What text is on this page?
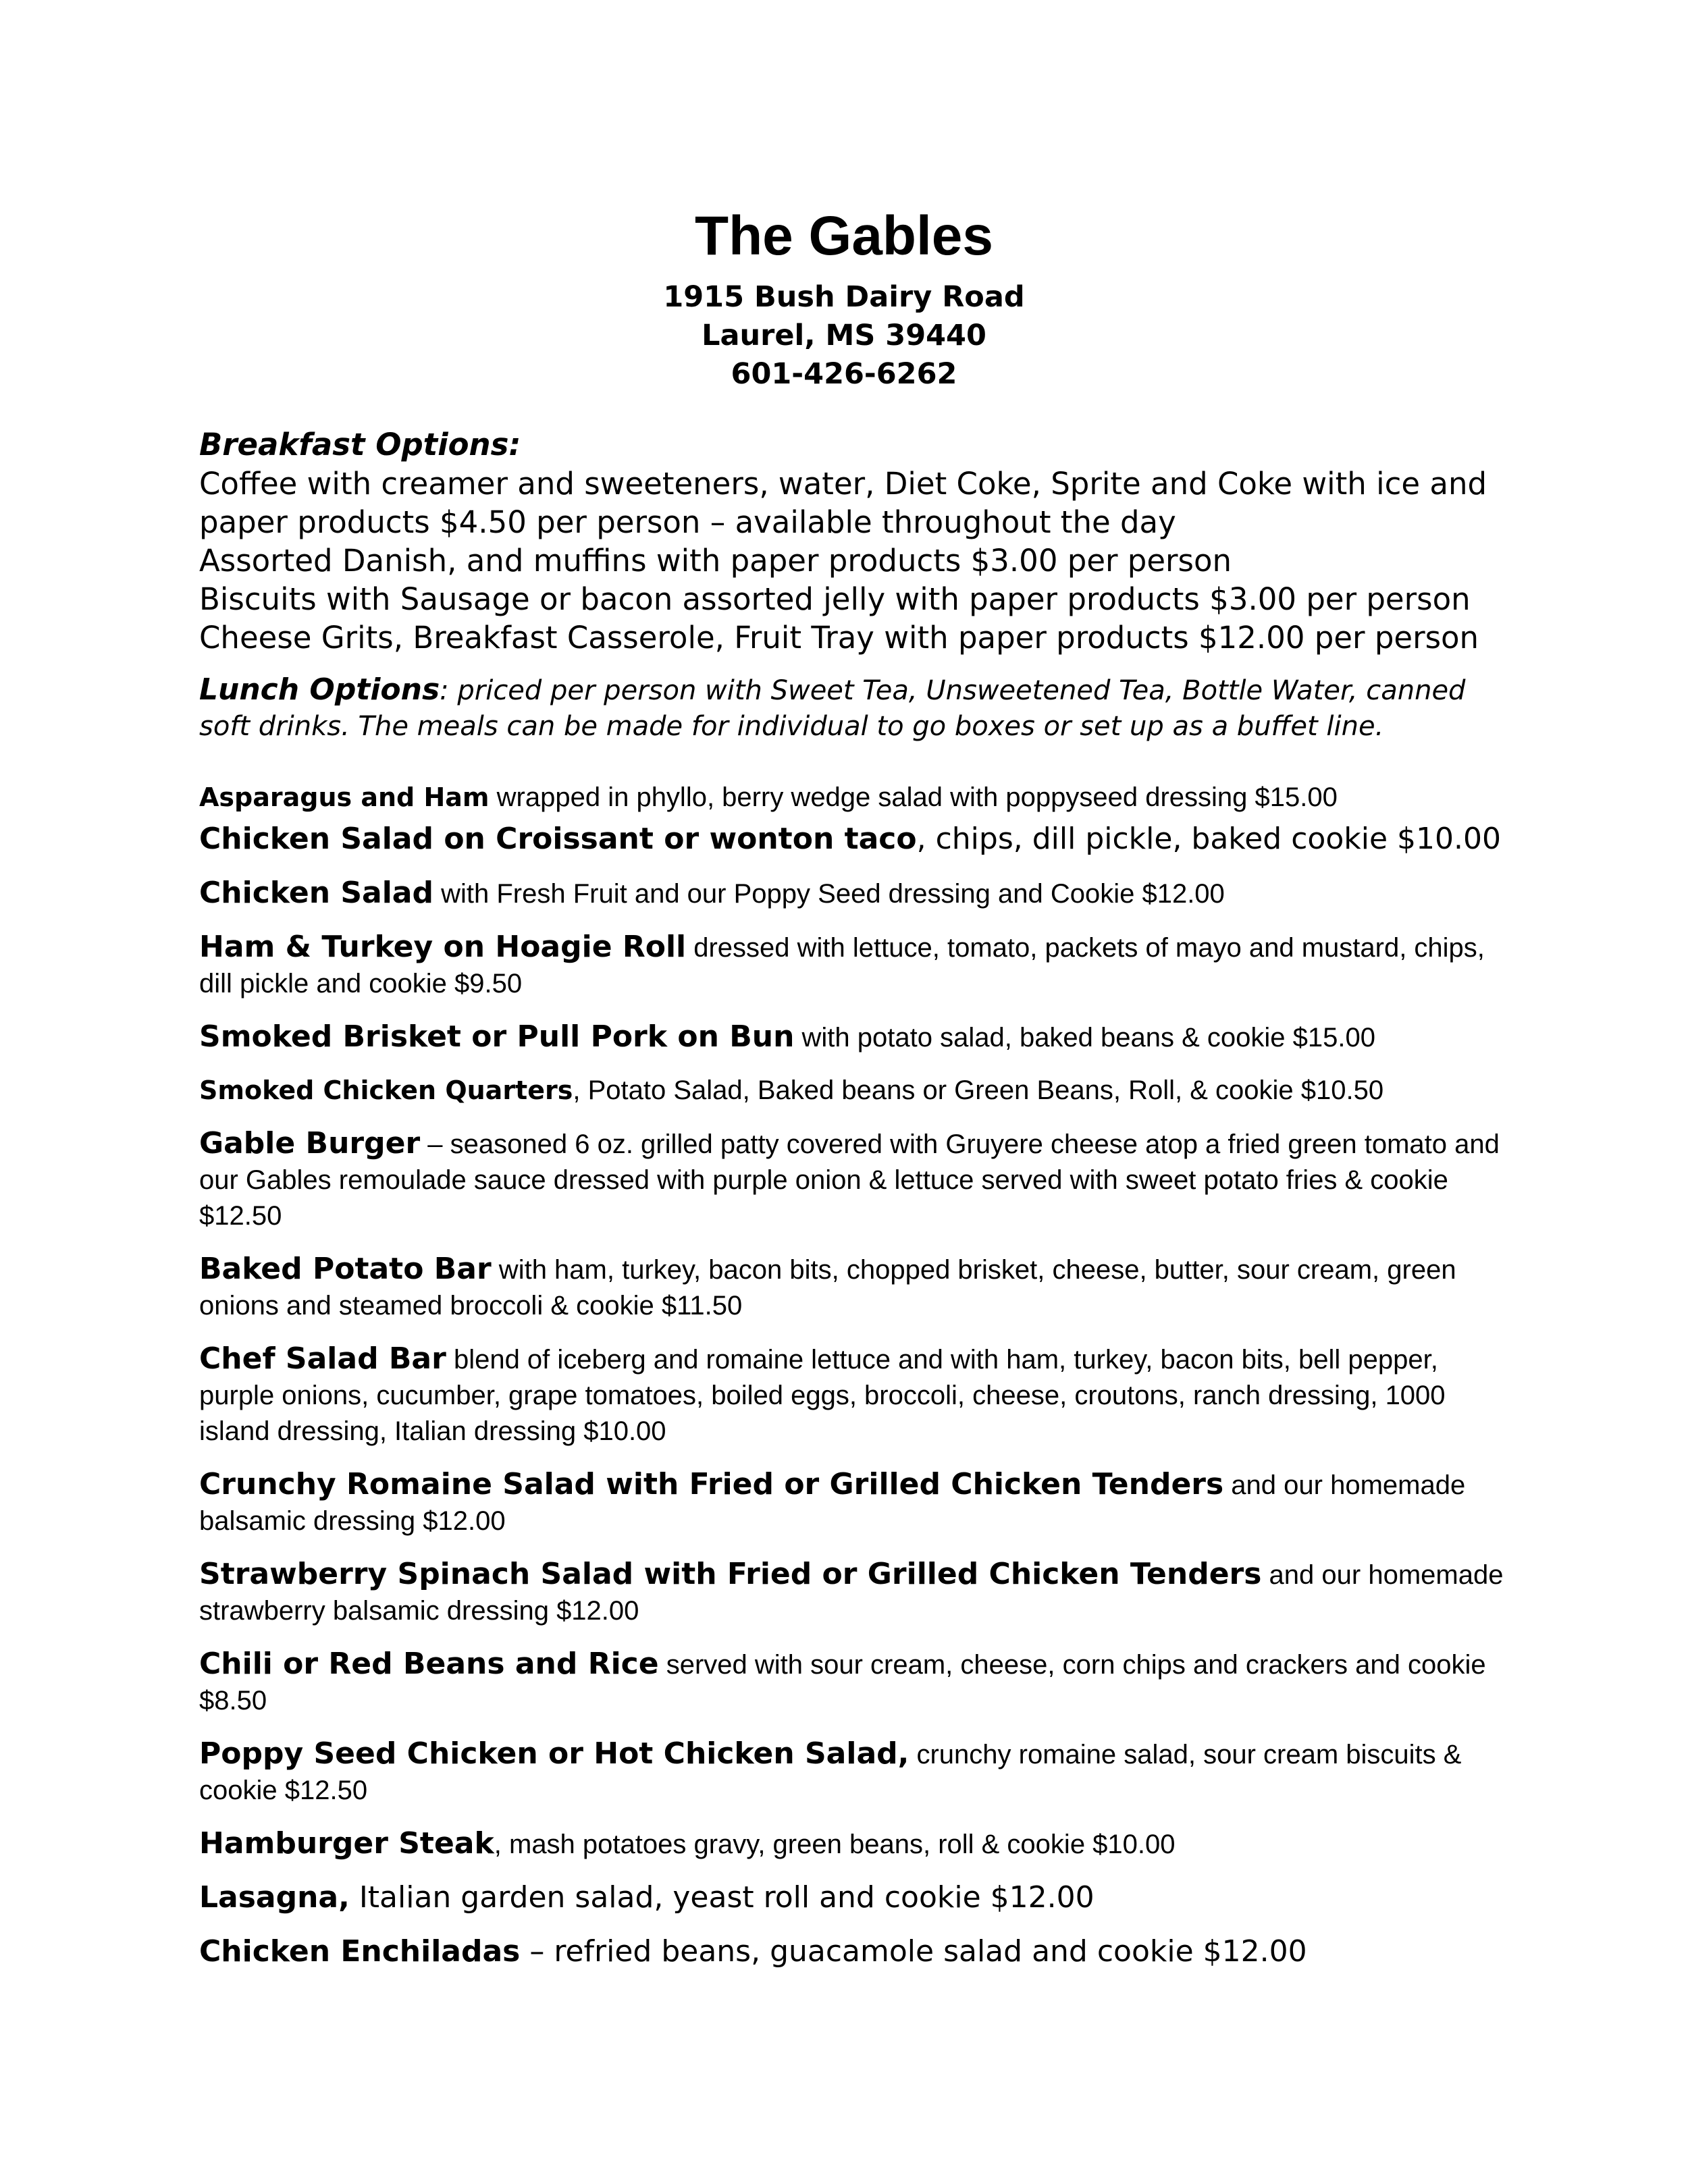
The Gables
1915 Bush Dairy Road
Laurel, MS 39440
601-426-6262
Breakfast Options:
Coffee with creamer and sweeteners, water, Diet Coke, Sprite and Coke with ice and paper products $4.50 per person – available throughout the day
Assorted Danish, and muffins with paper products $3.00 per person
Biscuits with Sausage or bacon assorted jelly with paper products $3.00 per person
Cheese Grits, Breakfast Casserole, Fruit Tray with paper products $12.00 per person
Lunch Options: priced per person with Sweet Tea, Unsweetened Tea, Bottle Water, canned soft drinks. The meals can be made for individual to go boxes or set up as a buffet line.
Asparagus and Ham wrapped in phyllo, berry wedge salad with poppyseed dressing $15.00
Chicken Salad on Croissant or wonton taco, chips, dill pickle, baked cookie $10.00
Chicken Salad with Fresh Fruit and our Poppy Seed dressing and Cookie $12.00
Ham & Turkey on Hoagie Roll dressed with lettuce, tomato, packets of mayo and mustard, chips, dill pickle and cookie $9.50
Smoked Brisket or Pull Pork on Bun with potato salad, baked beans & cookie $15.00
Smoked Chicken Quarters, Potato Salad, Baked beans or Green Beans, Roll, & cookie $10.50
Gable Burger – seasoned 6 oz. grilled patty covered with Gruyere cheese atop a fried green tomato and our Gables remoulade sauce dressed with purple onion & lettuce served with sweet potato fries & cookie $12.50
Baked Potato Bar with ham, turkey, bacon bits, chopped brisket, cheese, butter, sour cream, green onions and steamed broccoli & cookie $11.50
Chef Salad Bar blend of iceberg and romaine lettuce and with ham, turkey, bacon bits, bell pepper, purple onions, cucumber, grape tomatoes, boiled eggs, broccoli, cheese, croutons, ranch dressing, 1000 island dressing, Italian dressing $10.00
Crunchy Romaine Salad with Fried or Grilled Chicken Tenders and our homemade balsamic dressing $12.00
Strawberry Spinach Salad with Fried or Grilled Chicken Tenders and our homemade strawberry balsamic dressing $12.00
Chili or Red Beans and Rice served with sour cream, cheese, corn chips and crackers and cookie $8.50
Poppy Seed Chicken or Hot Chicken Salad, crunchy romaine salad, sour cream biscuits & cookie $12.50
Hamburger Steak, mash potatoes gravy, green beans, roll & cookie $10.00
Lasagna, Italian garden salad, yeast roll and cookie $12.00
Chicken Enchiladas – refried beans, guacamole salad and cookie $12.00
